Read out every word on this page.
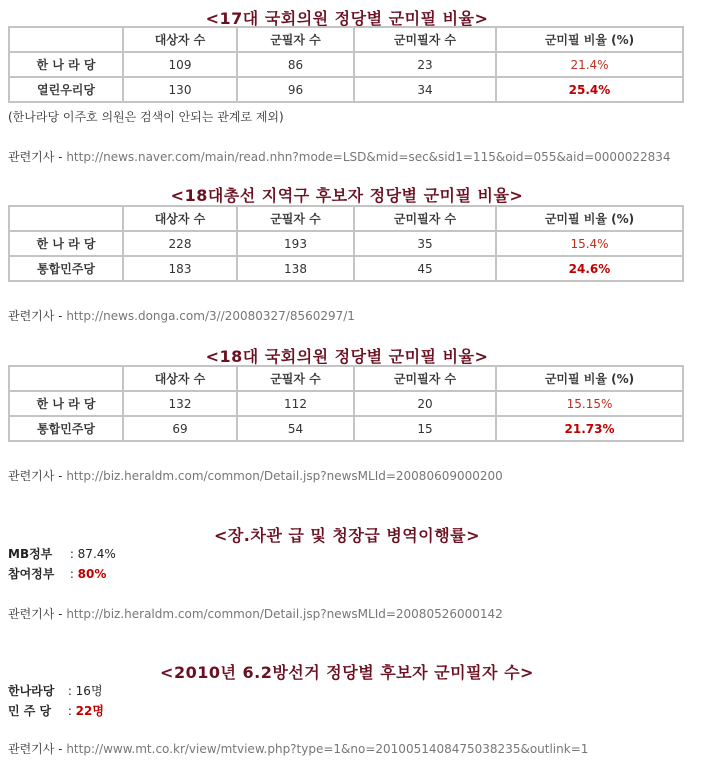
<17대 국회의원 정당별 군미필 비율>
	대상자 수	군필자 수	군미필자 수	군미필 비율 (%)
한 나 라 당	109	86	23	21.4%
열린우리당	130	96	34	25.4%
(한나라당 이주호 의원은 검색이 안되는 관계로 제외)
관련기사 - http://news.naver.com/main/read.nhn?mode=LSD&mid=sec&sid1=115&oid=055&aid=0000022834
<18대총선 지역구 후보자 정당별 군미필 비율>
	대상자 수	군필자 수	군미필자 수	군미필 비율 (%)
한 나 라 당	228	193	35	15.4%
통합민주당	183	138	45	24.6%
관련기사 - http://news.donga.com/3//20080327/8560297/1
<18대 국회의원 정당별 군미필 비율>
	대상자 수	군필자 수	군미필자 수	군미필 비율 (%)
한 나 라 당	132	112	20	15.15%
통합민주당	69	54	15	21.73%
관련기사 - http://biz.heraldm.com/common/Detail.jsp?newsMLId=20080609000200
<장.차관 급 및 청장급 병역이행률>
MB정부 : 87.4%
참여정부 : 80%
관련기사 - http://biz.heraldm.com/common/Detail.jsp?newsMLId=20080526000142
<2010년 6.2방선거 정당별 후보자 군미필자 수>
한나라당 : 16명
민 주 당 : 22명
관련기사 - http://www.mt.co.kr/view/mtview.php?type=1&no=2010051408475038235&outlink=1
